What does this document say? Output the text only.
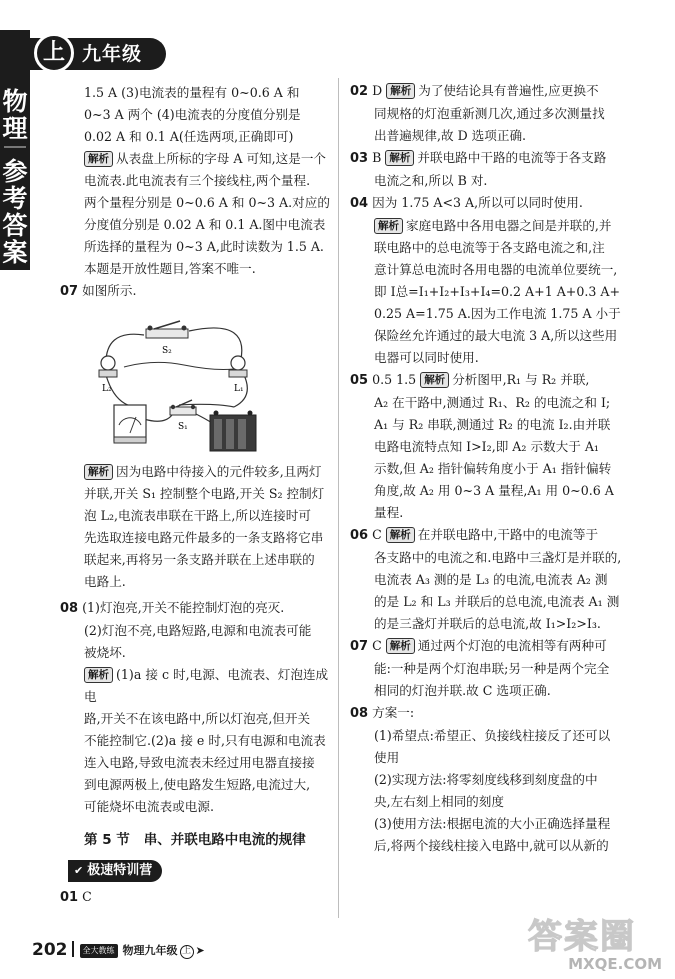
上 九年级
物理
参考答案
1.5 A (3)电流表的量程有 0~0.6 A 和
0~3 A 两个 (4)电流表的分度值分别是
0.02 A 和 0.1 A(任选两项,正确即可)
解析 从表盘上所标的字母 A 可知,这是一个
电流表.此电流表有三个接线柱,两个量程.
两个量程分别是 0~0.6 A 和 0~3 A.对应的
分度值分别是 0.02 A 和 0.1 A.图中电流表
所选择的量程为 0~3 A,此时读数为 1.5 A.
本题是开放性题目,答案不唯一.
07 如图所示.
S₂
L₂	L₁
S₁
解析 因为电路中待接入的元件较多,且两灯
并联,开关 S₁ 控制整个电路,开关 S₂ 控制灯
泡 L₂,电流表串联在干路上,所以连接时可
先选取连接电路元件最多的一条支路将它串
联起来,再将另一条支路并联在上述串联的
电路上.
08 (1)灯泡亮,开关不能控制灯泡的亮灭.
(2)灯泡不亮,电路短路,电源和电流表可能
被烧坏.
解析 (1)a 接 c 时,电源、电流表、灯泡连成电
路,开关不在该电路中,所以灯泡亮,但开关
不能控制它.(2)a 接 e 时,只有电源和电流表
连入电路,导致电流表未经过用电器直接接
到电源两极上,使电路发生短路,电流过大,
可能烧坏电流表或电源.
第 5 节 串、并联电路中电流的规律
✔ 极速特训营
01 C
02 D 解析 为了使结论具有普遍性,应更换不
同规格的灯泡重新测几次,通过多次测量找
出普遍规律,故 D 选项正确.
03 B 解析 并联电路中干路的电流等于各支路
电流之和,所以 B 对.
04 因为 1.75 A<3 A,所以可以同时使用.
解析 家庭电路中各用电器之间是并联的,并
联电路中的总电流等于各支路电流之和,注
意计算总电流时各用电器的电流单位要统一,
即 I总=I₁+I₂+I₃+I₄=0.2 A+1 A+0.3 A+
0.25 A=1.75 A.因为工作电流 1.75 A 小于
保险丝允许通过的最大电流 3 A,所以这些用
电器可以同时使用.
05 0.5 1.5 解析 分析图甲,R₁ 与 R₂ 并联,
A₂ 在干路中,测通过 R₁、R₂ 的电流之和 I;
A₁ 与 R₂ 串联,测通过 R₂ 的电流 I₂.由并联
电路电流特点知 I>I₂,即 A₂ 示数大于 A₁
示数,但 A₂ 指针偏转角度小于 A₁ 指针偏转
角度,故 A₂ 用 0~3 A 量程,A₁ 用 0~0.6 A
量程.
06 C 解析 在并联电路中,干路中的电流等于
各支路中的电流之和.电路中三盏灯是并联的,
电流表 A₃ 测的是 L₃ 的电流,电流表 A₂ 测
的是 L₂ 和 L₃ 并联后的总电流,电流表 A₁ 测
的是三盏灯并联后的总电流,故 I₁>I₂>I₃.
07 C 解析 通过两个灯泡的电流相等有两种可
能:一种是两个灯泡串联;另一种是两个完全
相同的灯泡并联.故 C 选项正确.
08 方案一:
(1)希望点:希望正、负接线柱接反了还可以
使用
(2)实现方法:将零刻度线移到刻度盘的中
央,左右刻上相同的刻度
(3)使用方法:根据电流的大小正确选择量程
后,将两个接线柱接入电路中,就可以从新的
202 全大教练 物理九年级 上 ➤	答案圈
MXQE.COM
